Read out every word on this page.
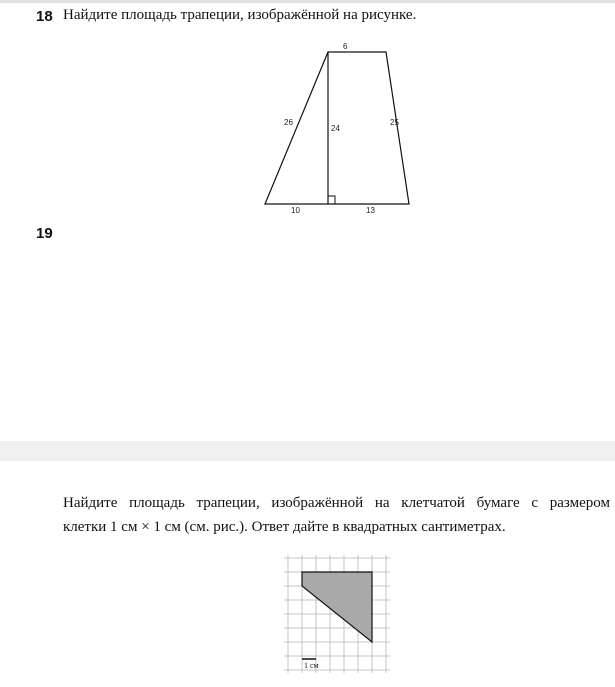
18 Найдите площадь трапеции, изображённой на рисунке.
6
26
24
25
10	13
19
Найдите площадь трапеции, изображённой на клетчатой бумаге с размером
клетки 1 см × 1 см (см. рис.). Ответ дайте в квадратных сантиметрах.
1 см
